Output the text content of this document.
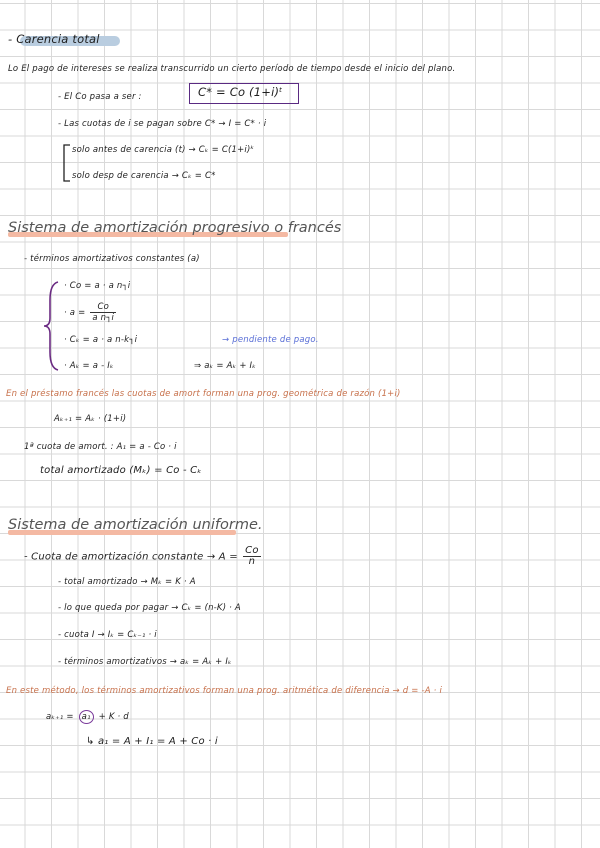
- Carencia total
Lo El pago de intereses se realiza transcurrido un cierto período de tiempo desde el inicio del plano.
- El Co pasa a ser :	C* = Co (1+i)ᵗ
- Las cuotas de i se pagan sobre C* → I = C* · i
solo antes de carencia (t) → Cₖ = C(1+i)ᵏ
solo desp de carencia → Cₖ = C*
Sistema de amortización progresivo o francés
- términos amortizativos constantes (a)
· Co = a · a n┐i
· $a = \frac{Co}{\text{a n┐i}}$
· Cₖ = a · a n-k┐i	→ pendiente de pago.
· Aₖ = a - Iₖ	⇒ aₖ = Aₖ + Iₖ
En el préstamo francés las cuotas de amort forman una prog. geométrica de razón (1+i)
Aₖ₊₁ = Aₖ · (1+i)
1ª cuota de amort. : A₁ = a - Co · i
total amortizado (Mₖ) = Co - Cₖ
Sistema de amortización uniforme.
- Cuota de amortización constante → $A = \frac{Co}{n}$
- total amortizado → Mₖ = K · A
- lo que queda por pagar → Cₖ = (n-K) · A
- cuota I → Iₖ = Cₖ₋₁ · i
- términos amortizativos → aₖ = Aₖ + Iₖ
En este método, los términos amortizativos forman una prog. aritmética de diferencia → d = -A · i
aₖ₊₁ = a₁ + K · d
↳ a₁ = A + I₁ = A + Co · i
